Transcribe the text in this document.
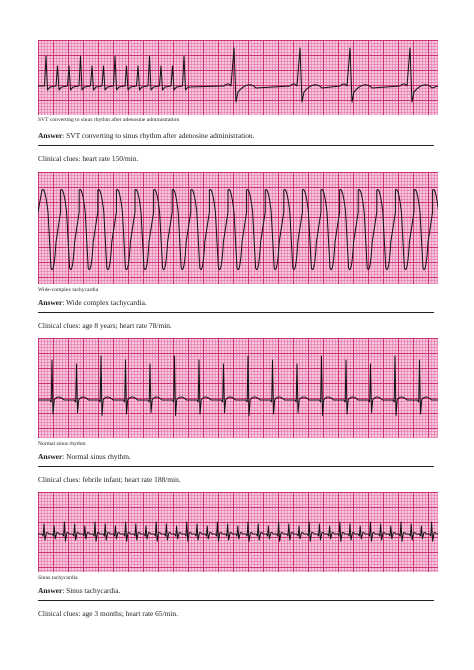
SVT converting to sinus rhythm after adenosine administration
Answer: SVT converting to sinus rhythm after adenosine administration.
Clinical clues: heart rate 150/min.
Wide-complex tachycardia
Answer: Wide complex tachycardia.
Clinical clues: age 8 years; heart rate 78/min.
Normal sinus rhythm
Answer: Normal sinus rhythm.
Clinical clues: febrile infant; heart rate 188/min.
Sinus tachycardia
Answer: Sinus tachycardia.
Clinical clues: age 3 months; heart rate 65/min.
